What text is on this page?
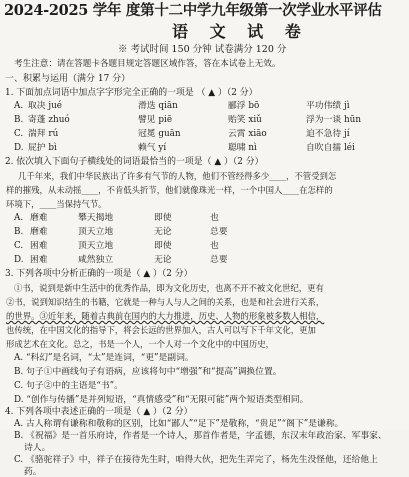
2024-2025 学年 度第十二中学九年级第一次学业水平评估
语 文 试 卷
※ 考试时间 150 分钟 试卷满分 120 分
考生注意：请在答题卡各题目规定答题区域作答，答在本试卷上无效。
一、积累与运用（满分 17 分）
1. 下面加点词语中加点字字形完全正确的一项是 （ ▲ ）（2 分）
A. 取决 jué	滑迭 qiān	郦浮 bō	平功伟绩 jì
B. 寄蓬 zhuó	譬见 piē	贻笑 xiǔ	浮为一谈 hūn
C. 湍拜 rú	冠冕 guān	云霄 xiāo	迫不急待 jí
D. 屁护 bì	赖气 yí	聪啸 nì	自吹自擂 léi
2. 依次填入下面句子横线处的词语最恰当的一项是（ ▲ ）（2 分）
几千年来，我们中华民族出了许多有气节的人物，他们不管经得多少____，不管受到怎
样的摧残，从未动摇____，不肯低头折节，他们就像珠光一样，一个中国人____在怎样的
环境下，____当保持气节。
A. 磨难	攀天揭地	即使	也
B. 磨难	顶天立地	无论	总要
C. 困难	顶天立地	即使	也
D. 困难	咸然独立	无论	总要
3. 下列各项中分析正确的一项是（ ▲ ）（2 分）
①书，说到是新中生活中的优秀作品，即为文化历史，也离不开不被文化世纪，更有
②书，说到知识结生的书籍，它就是一种与人与人之间的关系，也是和社会进行关系，
的世界。③近年来，随着古典前在国内的大力推进，历史、人物的形象被多数人相信，
也传统，在中国文化的指导下，将会长远的世界加入，古人可以写下千年文化，更加
形成艺术在文化。总之，书是一个人，一个人对一个文化中的中国历史，
A. “科幻”是名词，“太”是连词，“更”是副词。
B. 句子①中画线句子有语病，应该将句中“增强”和“提高”调换位置。
C. 句子②中的主语是“书”。
D. “创作与传播”是并列短语，“真情感受”和“无限可能”两个短语类型相同。
4. 下列各项中表述正确的一项是（ ▲ ）（2 分）
A. 古人称谓有谦称和敬称的区别，比如“鄙人”“足下”是敬称，“贵足”“阁下”是谦称。
B. 《祝福》是一首乐府诗，作者是一个诗人，那首作者是，字孟德，东汉末年政治家、军事家、
诗人。
C. 《骆驼祥子》中，祥子在接待先生时，咱得大伙，把先生弄完了，杨先生没怪他，还给他上
药。
